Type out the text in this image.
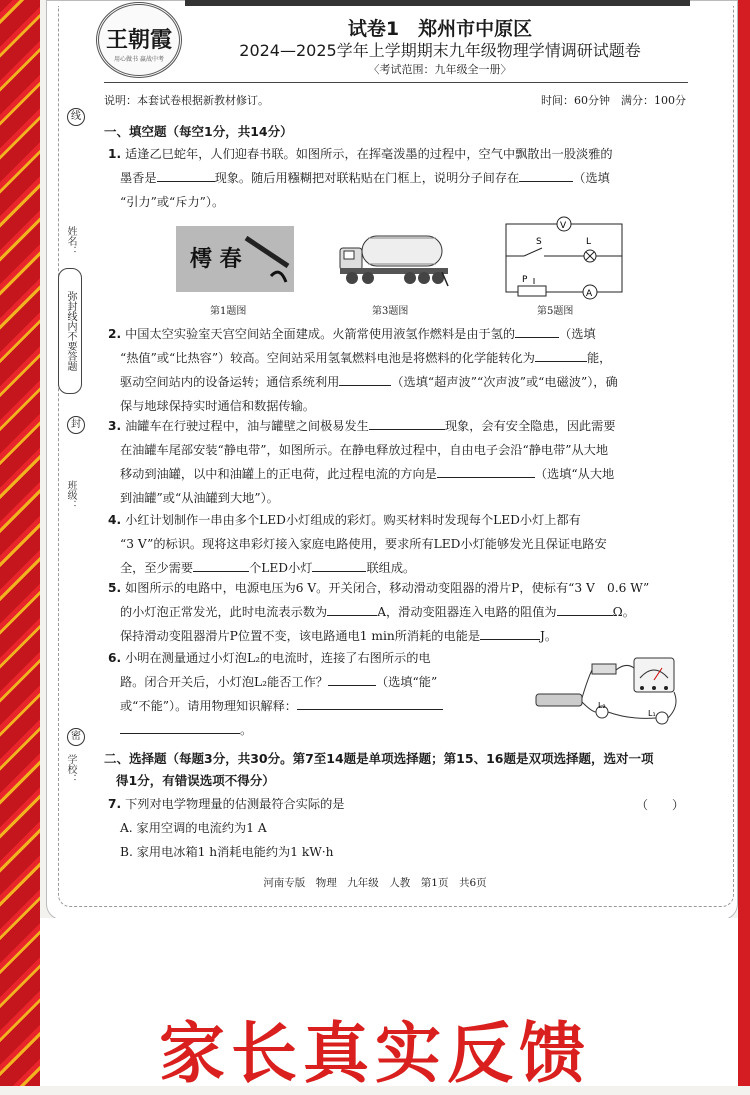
王朝霞
用心做书 赢战中考
试卷1　郑州市中原区
2024—2025学年上学期期末九年级物理学情调研试题卷
〈考试范围：九年级全一册〉
说明：本套试卷根据新教材修订。	时间：60分钟　满分：100分
线
姓名：
弥封线内不要答题
封
班级：
密
学校：
一、填空题（每空1分，共14分）
1. 适逢乙巳蛇年，人们迎春书联。如图所示，在挥毫泼墨的过程中，空气中飘散出一股淡雅的
墨香是	现象。随后用糨糊把对联粘贴在门框上，说明分子间存在	（选填
“引力”或“斥力”）。
樗 春
第1题图	第3题图
V
A
S	L
P
第5题图
2. 中国太空实验室天宫空间站全面建成。火箭常使用液氢作燃料是由于氢的	（选填
“热值”或“比热容”）较高。空间站采用氢氧燃料电池是将燃料的化学能转化为	能，
驱动空间站内的设备运转；通信系统利用	（选填“超声波”“次声波”或“电磁波”），确
保与地球保持实时通信和数据传输。
3. 油罐车在行驶过程中，油与罐壁之间极易发生	现象，会有安全隐患，因此需要
在油罐车尾部安装“静电带”，如图所示。在静电释放过程中，自由电子会沿“静电带”从大地
移动到油罐，以中和油罐上的正电荷，此过程电流的方向是	（选填“从大地
到油罐”或“从油罐到大地”）。
4. 小红计划制作一串由多个LED小灯组成的彩灯。购买材料时发现每个LED小灯上都有
“3 V”的标识。现将这串彩灯接入家庭电路使用，要求所有LED小灯能够发光且保证电路安
全，至少需要	个LED小灯	联组成。
5. 如图所示的电路中，电源电压为6 V。开关闭合，移动滑动变阻器的滑片P，使标有“3 V　0.6 W”
的小灯泡正常发光，此时电流表示数为	A，滑动变阻器连入电路的阻值为	Ω。
保持滑动变阻器滑片P位置不变，该电路通电1 min所消耗的电能是	J。
6. 小明在测量通过小灯泡L₂的电流时，连接了右图所示的电
路。闭合开关后，小灯泡L₂能否工作？	（选填“能”
或“不能”）。请用物理知识解释：
。
L₂
L₁
二、选择题（每题3分，共30分。第7至14题是单项选择题；第15、16题是双项选择题，选对一项
得1分，有错误选项不得分）
7. 下列对电学物理量的估测最符合实际的是
A. 家用空调的电流约为1 A
B. 家用电冰箱1 h消耗电能约为1 kW·h
（　　）
河南专版　物理　九年级　人教　第1页　共6页
家长真实反馈
